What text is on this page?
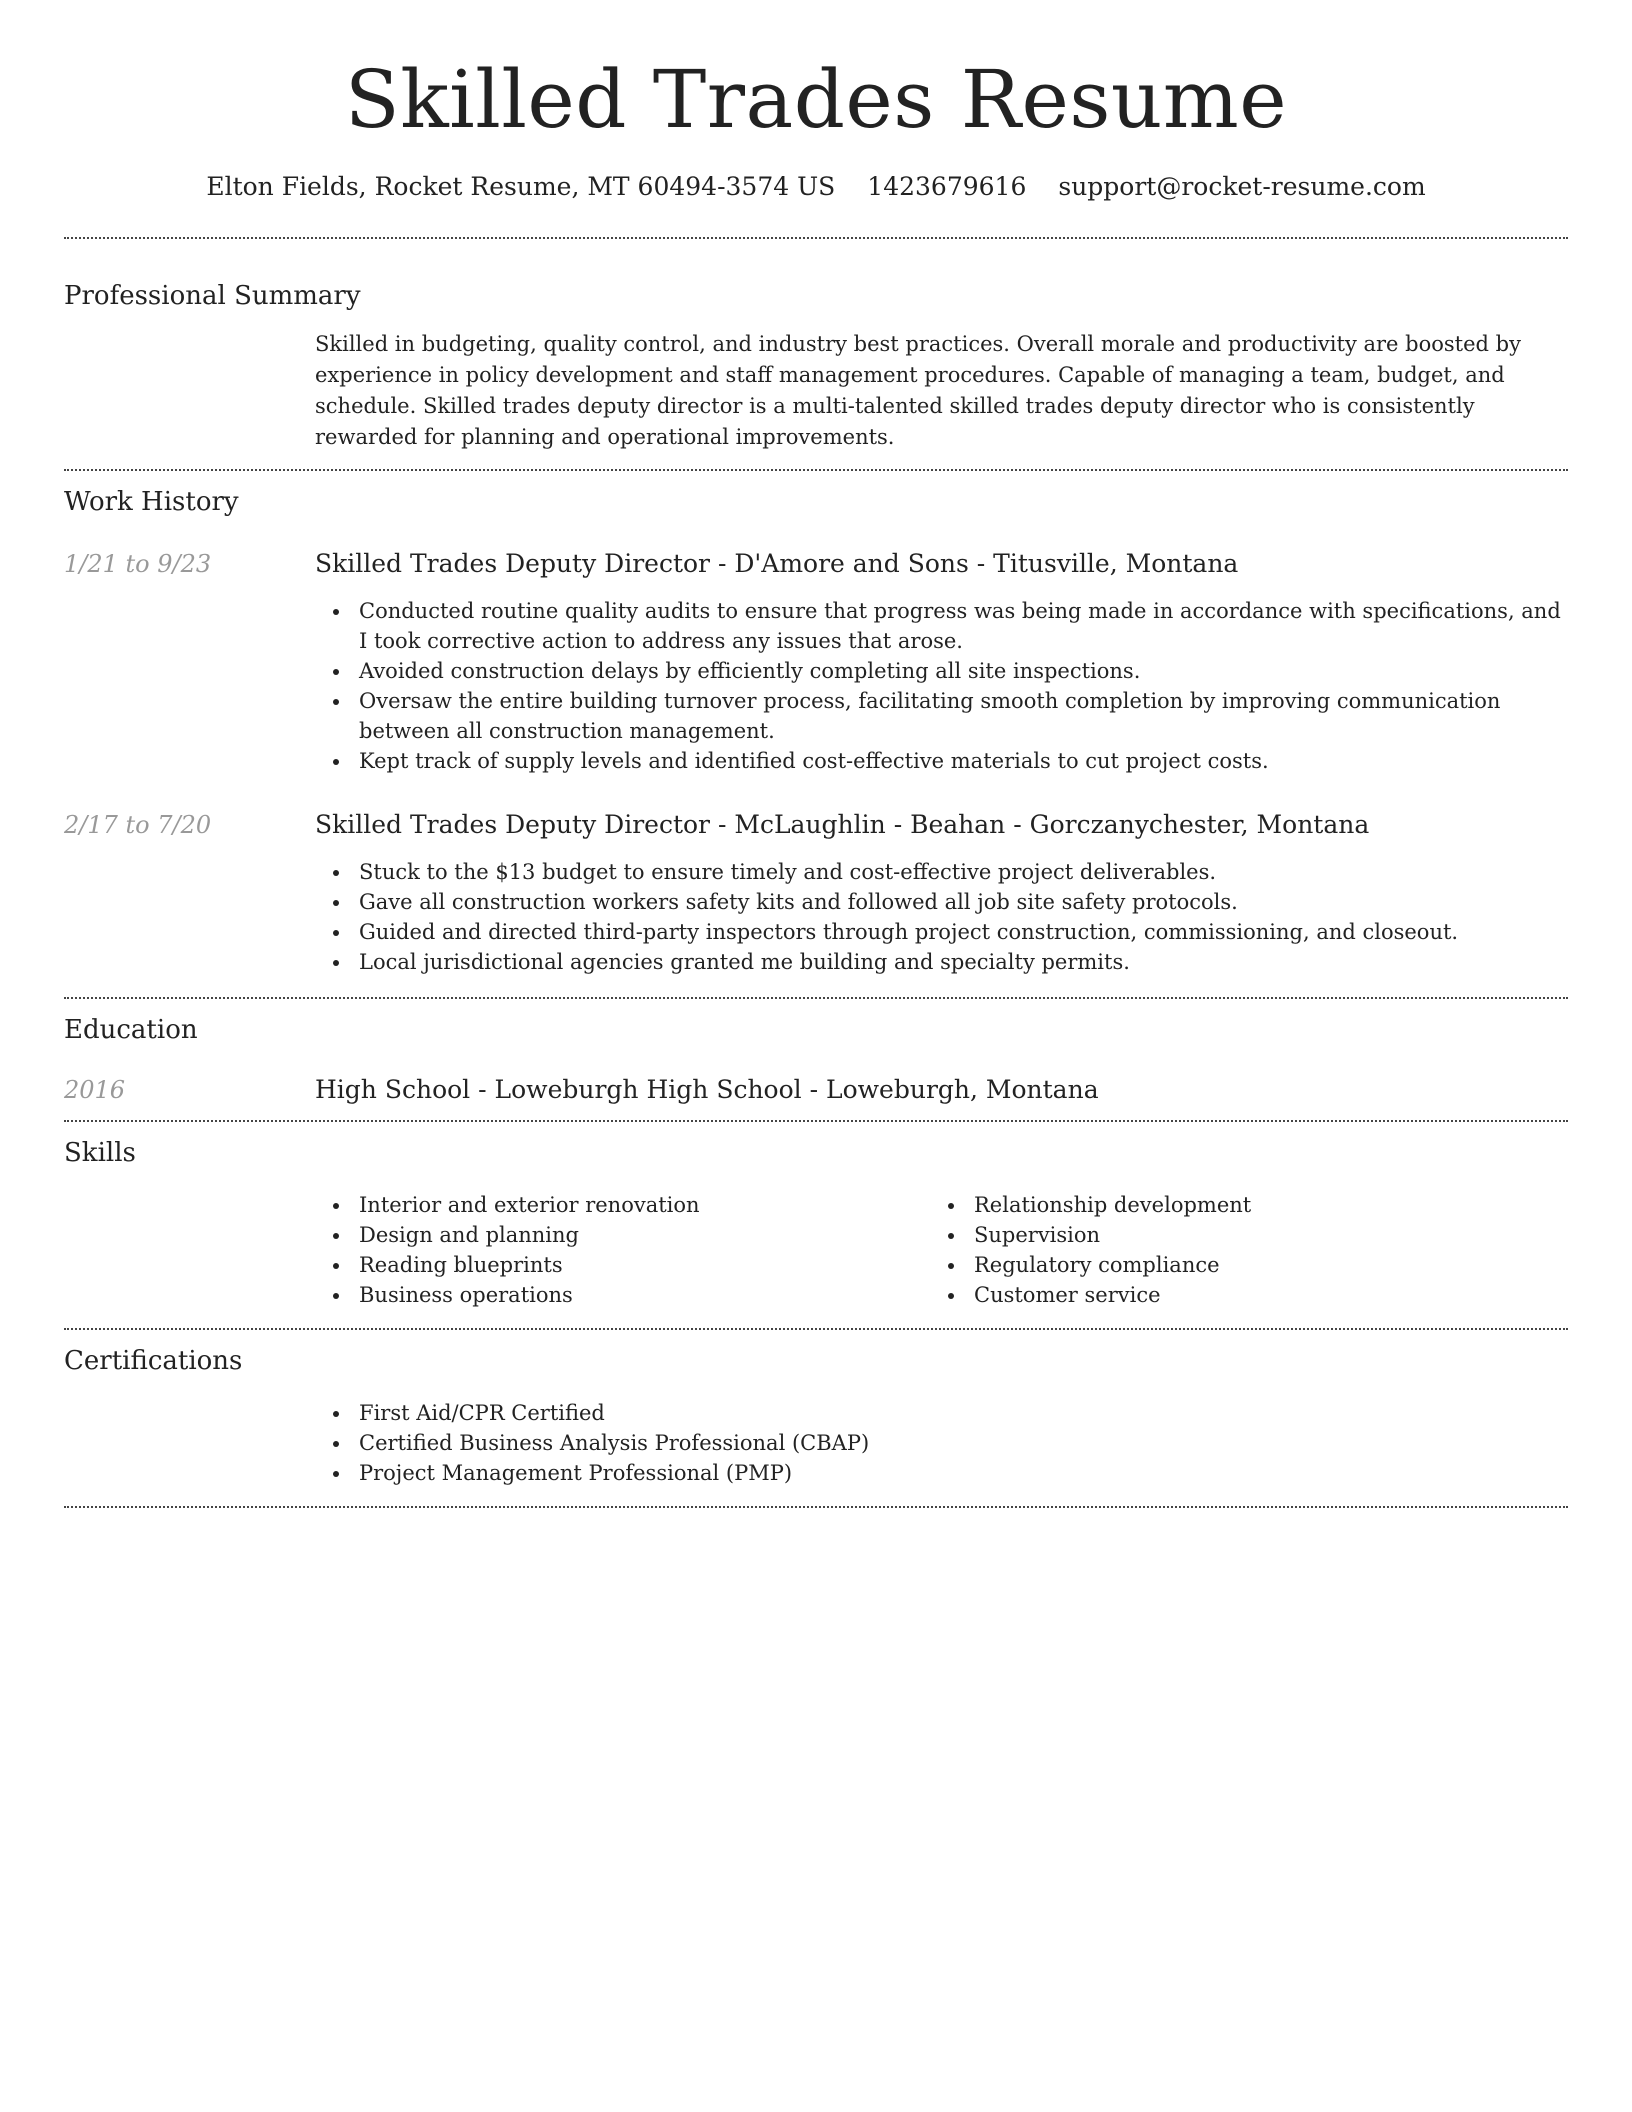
Skilled Trades Resume
Elton Fields, Rocket Resume, MT 60494-3574 US 1423679616 support@rocket-resume.com
Professional Summary

Skilled in budgeting, quality control, and industry best practices. Overall morale and productivity are boosted by experience in policy development and staff management procedures. Capable of managing a team, budget, and schedule. Skilled trades deputy director is a multi-talented skilled trades deputy director who is consistently rewarded for planning and operational improvements.

Work History
1/21 to 9/23	Skilled Trades Deputy Director - D'Amore and Sons - Titusville, Montana
Conducted routine quality audits to ensure that progress was being made in accordance with specifications, and I took corrective action to address any issues that arose.
Avoided construction delays by efficiently completing all site inspections.
Oversaw the entire building turnover process, facilitating smooth completion by improving communication between all construction management.
Kept track of supply levels and identified cost-effective materials to cut project costs.
2/17 to 7/20	Skilled Trades Deputy Director - McLaughlin - Beahan - Gorczanychester, Montana
Stuck to the $13 budget to ensure timely and cost-effective project deliverables.
Gave all construction workers safety kits and followed all job site safety protocols.
Guided and directed third-party inspectors through project construction, commissioning, and closeout.
Local jurisdictional agencies granted me building and specialty permits.
Education
2016	High School - Loweburgh High School - Loweburgh, Montana
Skills
Interior and exterior renovation
Design and planning
Reading blueprints
Business operations
Relationship development
Supervision
Regulatory compliance
Customer service
Certifications
First Aid/CPR Certified
Certified Business Analysis Professional (CBAP)
Project Management Professional (PMP)
